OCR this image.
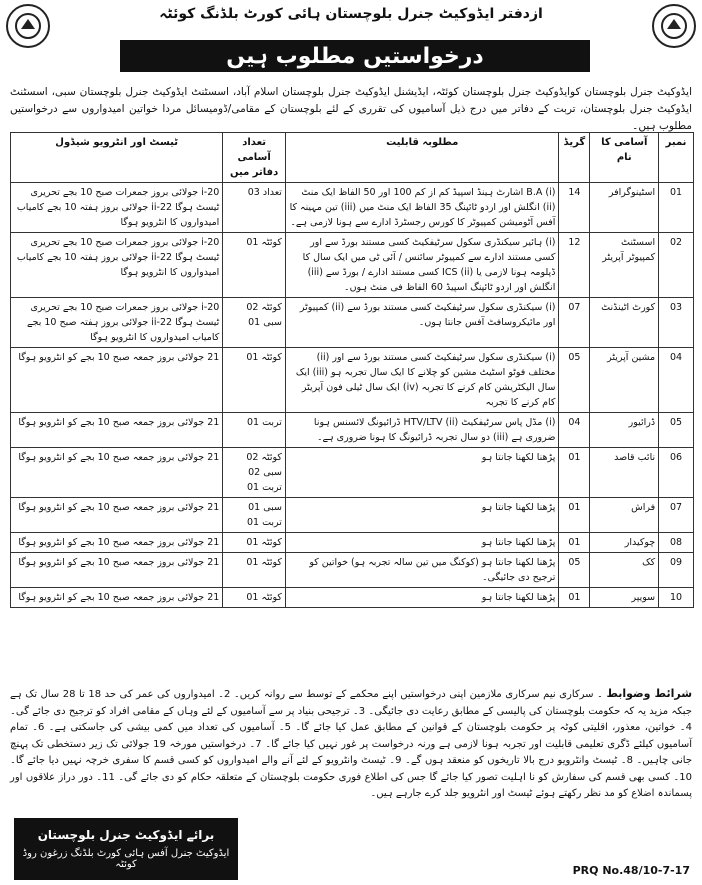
ازدفتر ایڈوکیٹ جنرل بلوچستان ہائی کورٹ بلڈنگ کوئٹہ
درخواستیں مطلوب ہیں
ایڈوکیٹ جنرل بلوچستان کوایڈوکیٹ جنرل بلوچستان کوئٹہ، ایڈیشنل ایڈوکیٹ جنرل بلوچستان اسلام آباد، اسسٹنٹ ایڈوکیٹ جنرل بلوچستان سبی، اسسٹنٹ ایڈوکیٹ جنرل بلوچستان، تربت کے دفاتر میں درج ذیل آسامیوں کی تقرری کے لئے بلوچستان کے مقامی/ڈومیسائل مردا خواتین امیدواروں سے درخواستیں مطلوب ہیں۔
نمبر	آسامی کا نام	گریڈ	مطلوبہ قابلیت	تعداد آسامی دفاتر میں	ٹیسٹ اور انٹرویو شیڈول
01	اسٹینوگرافر	14	(i) B.A اشارٹ ہینڈ اسپیڈ کم از کم 100 اور 50 الفاظ ایک منٹ (ii) انگلش اور اردو ٹائپنگ 35 الفاظ ایک منٹ میں (iii) تین مہینہ کا آفس آٹومیشن کمپیوٹر کا کورس رجسٹرڈ ادارے سے ہونا لازمی ہے۔	تعداد 03	20-i جولائی بروز جمعرات صبح 10 بجے تحریری ٹیسٹ ہوگا ii-22 جولائی بروز ہفتہ 10 بجے کامیاب امیدواروں کا انٹرویو ہوگا
02	اسسٹنٹ کمپیوٹر آپریٹر	12	(i) ہائیر سیکنڈری سکول سرٹیفکیٹ کسی مستند بورڈ سے اور کسی مستند ادارے سے کمپیوٹر سائنس / آئی ٹی میں ایک سال کا ڈپلومہ ہونا لازمی یا (ii) ICS کسی مستند ادارے / بورڈ سے (iii) انگلش اور اردو ٹائپنگ اسپیڈ 60 الفاظ فی منٹ ہوں۔	کوئٹہ 01	20-i جولائی بروز جمعرات صبح 10 بجے تحریری ٹیسٹ ہوگا ii-22 جولائی بروز ہفتہ 10 بجے کامیاب امیدواروں کا انٹرویو ہوگا
03	کورٹ اٹینڈنٹ	07	(i) سیکنڈری سکول سرٹیفکیٹ کسی مستند بورڈ سے (ii) کمپیوٹر اور مائیکروسافٹ آفس جانتا ہوں۔	کوئٹہ 02 سبی 01	20-i جولائی بروز جمعرات صبح 10 بجے تحریری ٹیسٹ ہوگا ii-22 جولائی بروز ہفتہ صبح 10 بجے کامیاب امیدواروں کا انٹرویو ہوگا
04	مشین آپریٹر	05	(i) سیکنڈری سکول سرٹیفکیٹ کسی مستند بورڈ سے اور (ii) مختلف فوٹو اسٹیٹ مشین کو چلانے کا ایک سال تجربہ ہو (iii) ایک سال الیکٹریشن کام کرنے کا تجربہ (iv) ایک سال ٹیلی فون آپریٹر کام کرنے کا تجربہ	کوئٹہ 01	21 جولائی بروز جمعہ صبح 10 بجے کو انٹرویو ہوگا
05	ڈرائیور	04	(i) مڈل پاس سرٹیفکیٹ (ii) HTV/LTV ڈرائیونگ لائسنس ہونا ضروری ہے (iii) دو سال تجربہ ڈرائیونگ کا ہونا ضروری ہے۔	تربت 01	21 جولائی بروز جمعہ صبح 10 بجے کو انٹرویو ہوگا
06	نائب قاصد	01	پڑھنا لکھنا جانتا ہو	کوئٹہ 02 سبی 02 تربت 01	21 جولائی بروز جمعہ صبح 10 بجے کو انٹرویو ہوگا
07	فراش	01	پڑھنا لکھنا جانتا ہو	سبی 01 تربت 01	21 جولائی بروز جمعہ صبح 10 بجے کو انٹرویو ہوگا
08	چوکیدار	01	پڑھنا لکھنا جانتا ہو	کوئٹہ 01	21 جولائی بروز جمعہ صبح 10 بجے کو انٹرویو ہوگا
09	کک	05	پڑھنا لکھنا جانتا ہو (کوکنگ میں تین سالہ تجربہ ہو) خواتین کو ترجیح دی جائیگی۔	کوئٹہ 01	21 جولائی بروز جمعہ صبح 10 بجے کو انٹرویو ہوگا
10	سویپر	01	پڑھنا لکھنا جانتا ہو	کوئٹہ 01	21 جولائی بروز جمعہ صبح 10 بجے کو انٹرویو ہوگا
شرائط وضوابط ۔ سرکاری نیم سرکاری ملازمین اپنی درخواستیں اپنے محکمے کے توسط سے روانہ کریں۔ 2۔ امیدواروں کی عمر کی حد 18 تا 28 سال تک ہے جبکہ مزید یہ کہ حکومت بلوچستان کی پالیسی کے مطابق رعایت دی جائیگی۔ 3۔ ترجیحی بنیاد پر سے آسامیوں کے لئے وہاں کے مقامی افراد کو ترجیح دی جائے گی۔ 4۔ خواتین، معذور، اقلیتی کوٹہ پر حکومت بلوچستان کے قوانین کے مطابق عمل کیا جائے گا۔ 5۔ آسامیوں کی تعداد میں کمی بیشی کی جاسکتی ہے۔ 6۔ تمام آسامیوں کیلئے ڈگری تعلیمی قابلیت اور تجربہ ہونا لازمی ہے ورنہ درخواست پر غور نہیں کیا جائے گا۔ 7۔ درخواستیں مورخہ 19 جولائی تک زیر دستخطی تک پہنچ جانی چاہیں۔ 8۔ ٹیسٹ وانٹرویو درج بالا تاریخوں کو منعقد ہوں گے۔ 9۔ ٹیسٹ وانٹرویو کے لئے آنے والے امیدواروں کو کسی قسم کا سفری خرچہ نہیں دیا جائے گا۔ 10۔ کسی بھی قسم کی سفارش کو نا اہلیت تصور کیا جائے گا جس کی اطلاع فوری حکومت بلوچستان کے متعلقہ حکام کو دی جائے گی۔ 11۔ دور دراز علاقوں اور پسماندہ اضلاع کو مد نظر رکھتے ہوئے ٹیسٹ اور انٹرویو جلد کرے جارہے ہیں۔
برائے ایڈوکیٹ جنرل بلوچستان
ایڈوکیٹ جنرل آفس ہائی کورٹ بلڈنگ زرغون روڈ کوئٹہ	PRQ No.48/10-7-17
